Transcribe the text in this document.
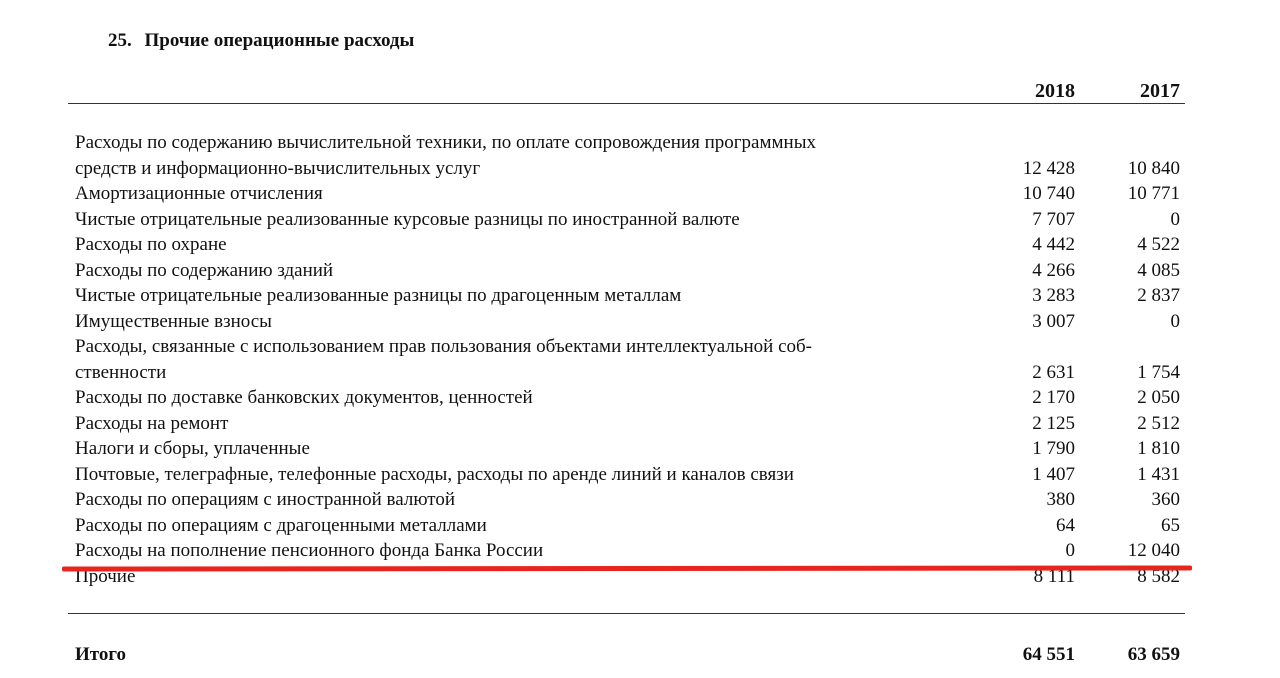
25. Прочие операционные расходы
2018	2017
Расходы по содержанию вычислительной техники, по оплате сопровождения программных
средств и информационно-вычислительных услуг	12 428	10 840
Амортизационные отчисления	10 740	10 771
Чистые отрицательные реализованные курсовые разницы по иностранной валюте	7 707	0
Расходы по охране	4 442	4 522
Расходы по содержанию зданий	4 266	4 085
Чистые отрицательные реализованные разницы по драгоценным металлам	3 283	2 837
Имущественные взносы	3 007	0
Расходы, связанные с использованием прав пользования объектами интеллектуальной соб-
ственности	2 631	1 754
Расходы по доставке банковских документов, ценностей	2 170	2 050
Расходы на ремонт	2 125	2 512
Налоги и сборы, уплаченные	1 790	1 810
Почтовые, телеграфные, телефонные расходы, расходы по аренде линий и каналов связи	1 407	1 431
Расходы по операциям с иностранной валютой	380	360
Расходы по операциям с драгоценными металлами	64	65
Расходы на пополнение пенсионного фонда Банка России	0	12 040
Прочие	8 111	8 582
Итого	64 551	63 659
